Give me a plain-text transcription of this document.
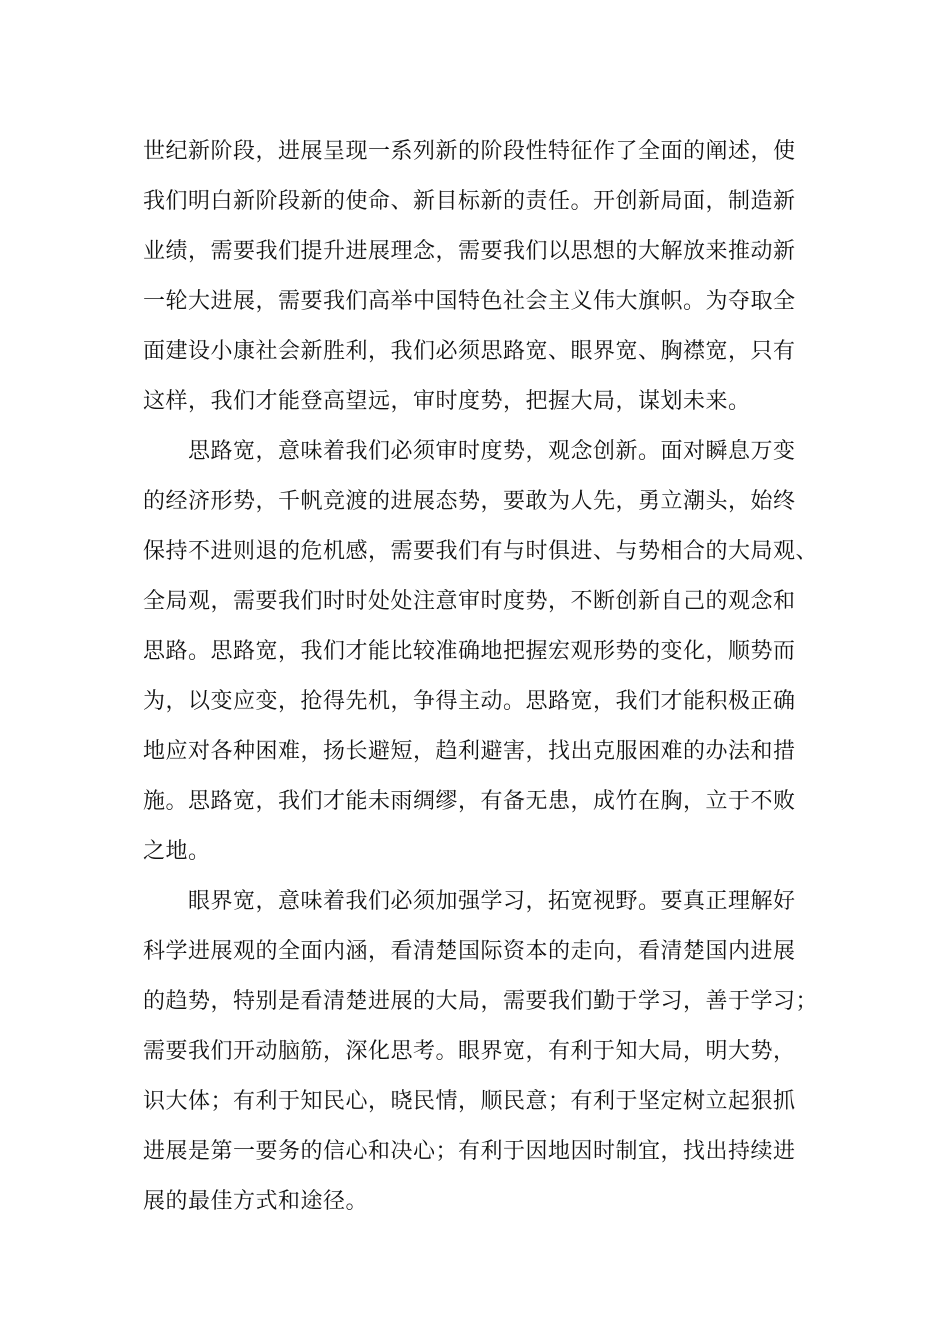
世纪新阶段，进展呈现一系列新的阶段性特征作了全面的阐述，使
我们明白新阶段新的使命、新目标新的责任。开创新局面，制造新
业绩，需要我们提升进展理念，需要我们以思想的大解放来推动新
一轮大进展，需要我们高举中国特色社会主义伟大旗帜。为夺取全
面建设小康社会新胜利，我们必须思路宽、眼界宽、胸襟宽，只有
这样，我们才能登高望远，审时度势，把握大局，谋划未来。
　　思路宽，意味着我们必须审时度势，观念创新。面对瞬息万变
的经济形势，千帆竞渡的进展态势，要敢为人先，勇立潮头，始终
保持不进则退的危机感，需要我们有与时俱进、与势相合的大局观、
全局观，需要我们时时处处注意审时度势，不断创新自己的观念和
思路。思路宽，我们才能比较准确地把握宏观形势的变化，顺势而
为，以变应变，抢得先机，争得主动。思路宽，我们才能积极正确
地应对各种困难，扬长避短，趋利避害，找出克服困难的办法和措
施。思路宽，我们才能未雨绸缪，有备无患，成竹在胸，立于不败
之地。
　　眼界宽，意味着我们必须加强学习，拓宽视野。要真正理解好
科学进展观的全面内涵，看清楚国际资本的走向，看清楚国内进展
的趋势，特别是看清楚进展的大局，需要我们勤于学习，善于学习；
需要我们开动脑筋，深化思考。眼界宽，有利于知大局，明大势，
识大体；有利于知民心，晓民情，顺民意；有利于坚定树立起狠抓
进展是第一要务的信心和决心；有利于因地因时制宜，找出持续进
展的最佳方式和途径。
